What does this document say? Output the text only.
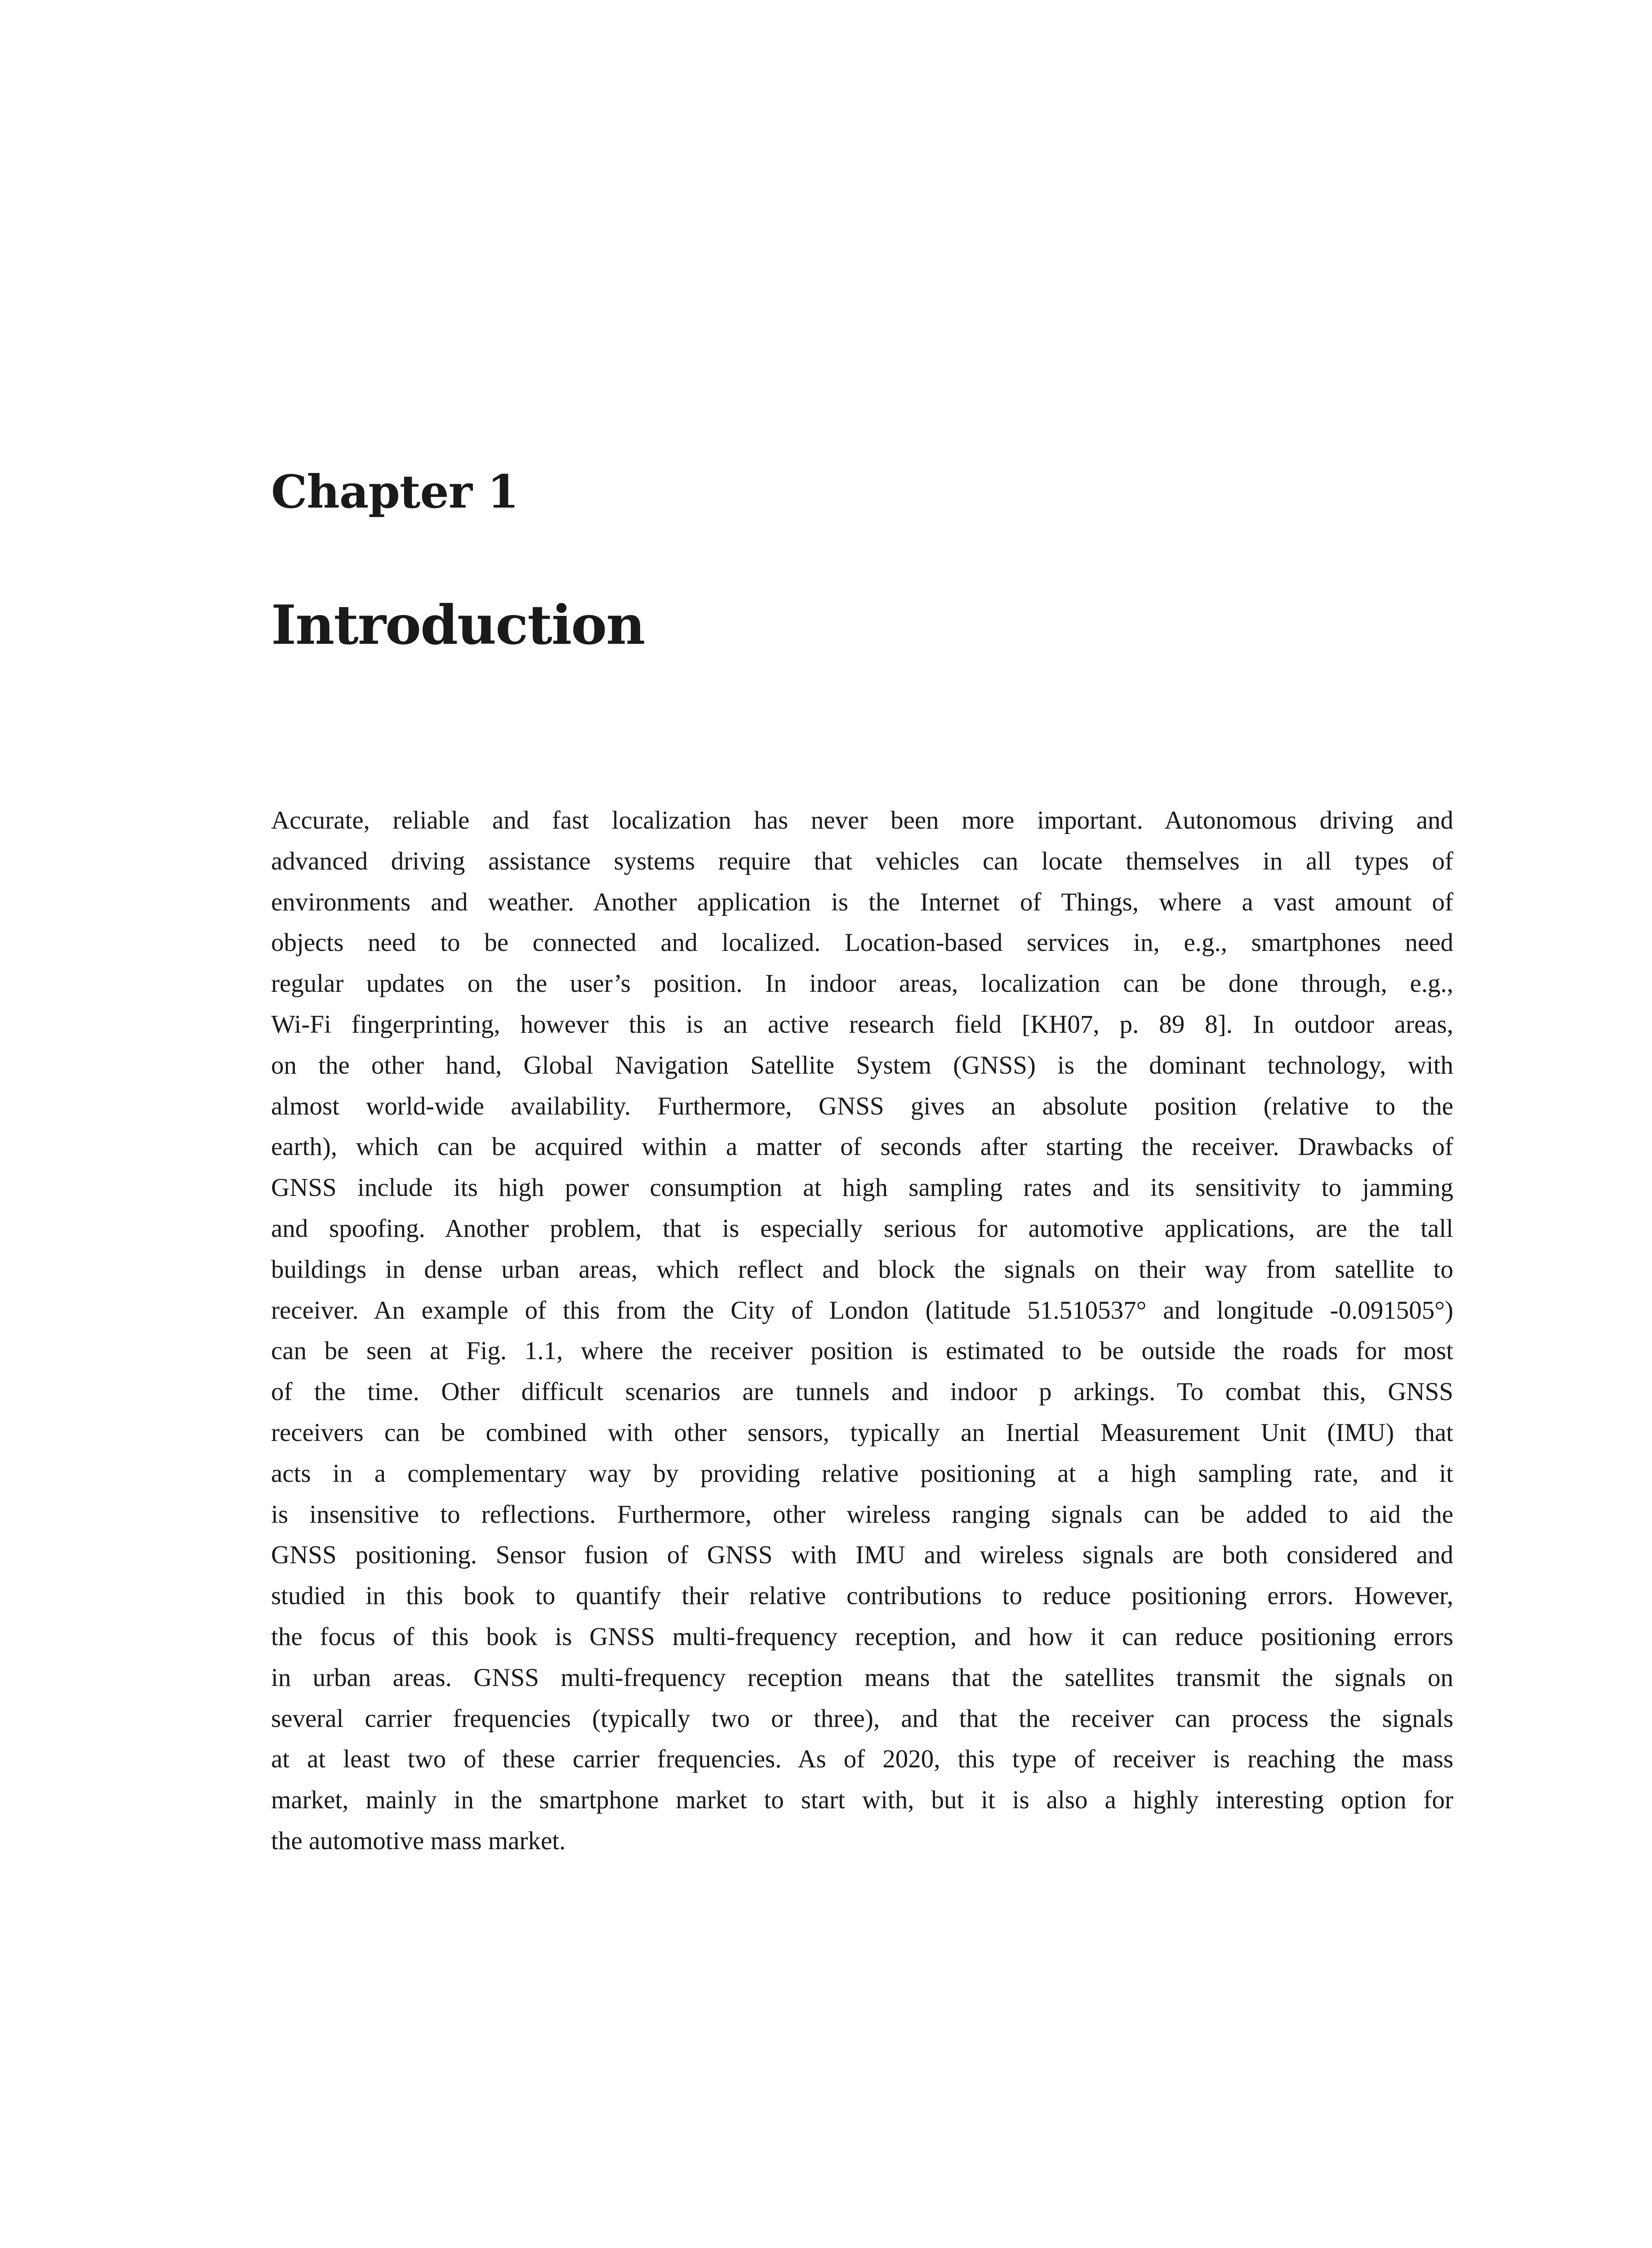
Chapter 1
Introduction
Accurate, reliable and fast localization has never been more important. Autonomous driving and
advanced driving assistance systems require that vehicles can locate themselves in all types of
environments and weather. Another application is the Internet of Things, where a vast amount of
objects need to be connected and localized. Location-based services in, e.g., smartphones need
regular updates on the user’s position. In indoor areas, localization can be done through, e.g.,
Wi-Fi fingerprinting, however this is an active research field [KH07, p. 89 8]. In outdoor areas,
on the other hand, Global Navigation Satellite System (GNSS) is the dominant technology, with
almost world-wide availability. Furthermore, GNSS gives an absolute position (relative to the
earth), which can be acquired within a matter of seconds after starting the receiver. Drawbacks of
GNSS include its high power consumption at high sampling rates and its sensitivity to jamming
and spoofing. Another problem, that is especially serious for automotive applications, are the tall
buildings in dense urban areas, which reflect and block the signals on their way from satellite to
receiver. An example of this from the City of London (latitude 51.510537° and longitude -0.091505°)
can be seen at Fig. 1.1, where the receiver position is estimated to be outside the roads for most
of the time. Other difficult scenarios are tunnels and indoor p arkings. To combat this, GNSS
receivers can be combined with other sensors, typically an Inertial Measurement Unit (IMU) that
acts in a complementary way by providing relative positioning at a high sampling rate, and it
is insensitive to reflections. Furthermore, other wireless ranging signals can be added to aid the
GNSS positioning. Sensor fusion of GNSS with IMU and wireless signals are both considered and
studied in this book to quantify their relative contributions to reduce positioning errors. However,
the focus of this book is GNSS multi-frequency reception, and how it can reduce positioning errors
in urban areas. GNSS multi-frequency reception means that the satellites transmit the signals on
several carrier frequencies (typically two or three), and that the receiver can process the signals
at at least two of these carrier frequencies. As of 2020, this type of receiver is reaching the mass
market, mainly in the smartphone market to start with, but it is also a highly interesting option for
the automotive mass market.
